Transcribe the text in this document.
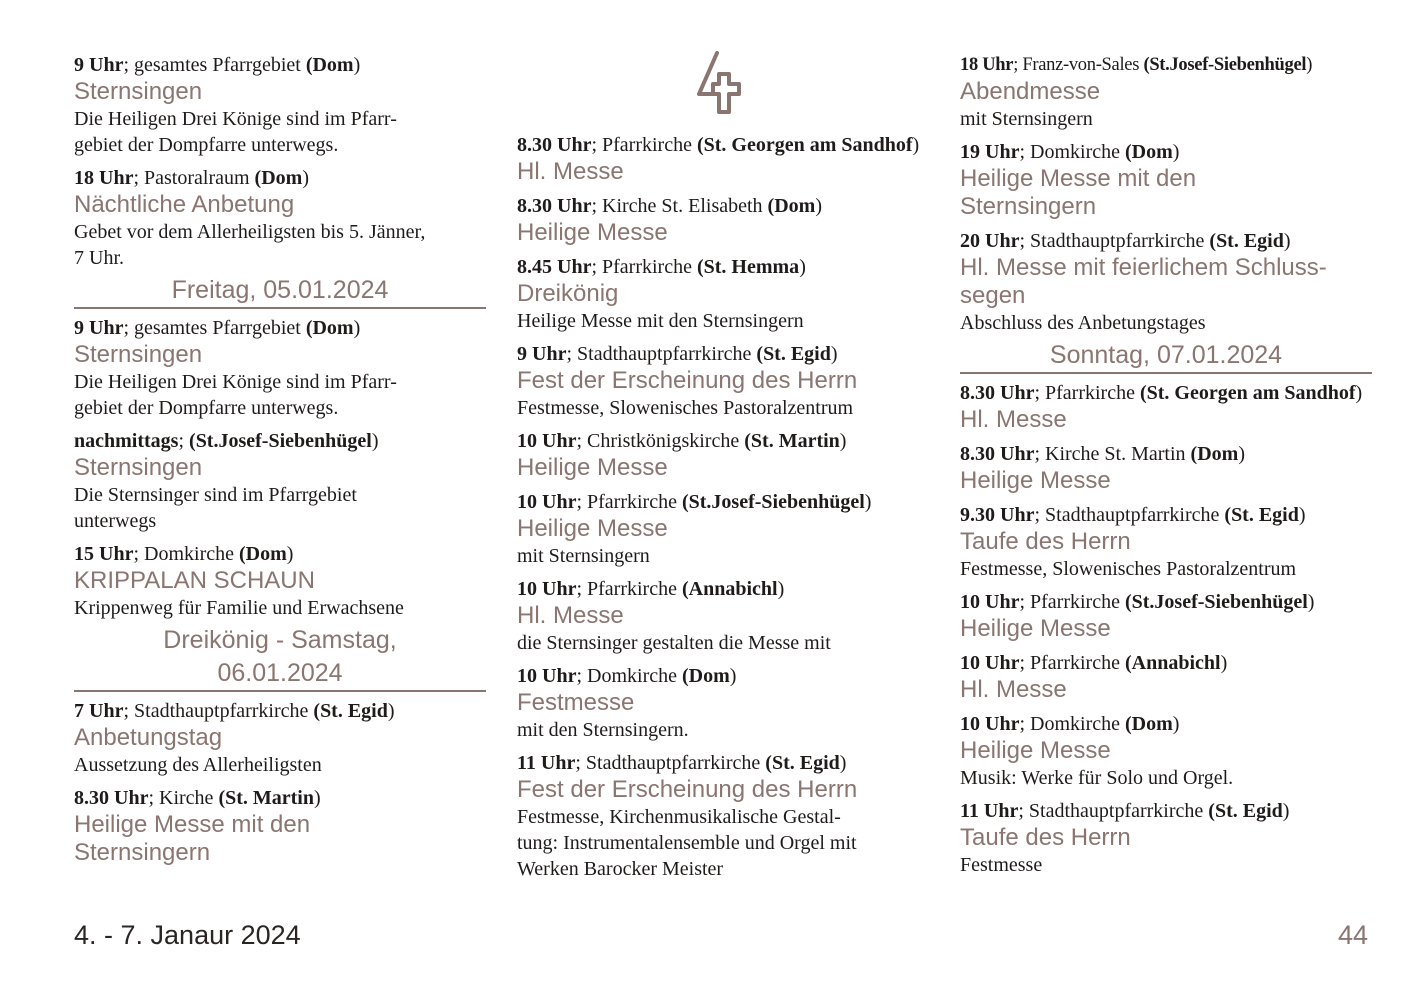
9 Uhr; gesamtes Pfarrgebiet (Dom)
Sternsingen
Die Heiligen Drei Könige sind im Pfarr-
gebiet der Dompfarre unterwegs.
18 Uhr; Pastoralraum (Dom)
Nächtliche Anbetung
Gebet vor dem Allerheiligsten bis 5. Jänner,
7 Uhr.
Freitag, 05.01.2024
9 Uhr; gesamtes Pfarrgebiet (Dom)
Sternsingen
Die Heiligen Drei Könige sind im Pfarr-
gebiet der Dompfarre unterwegs.
nachmittags; (St.Josef-Siebenhügel)
Sternsingen
Die Sternsinger sind im Pfarrgebiet
unterwegs
15 Uhr; Domkirche (Dom)
KRIPPALAN SCHAUN
Krippenweg für Familie und Erwachsene
Dreikönig - Samstag,
06.01.2024
7 Uhr; Stadthauptpfarrkirche (St. Egid)
Anbetungstag
Aussetzung des Allerheiligsten
8.30 Uhr; Kirche (St. Martin)
Heilige Messe mit den
Sternsingern
8.30 Uhr; Pfarrkirche (St. Georgen am Sandhof)
Hl. Messe
8.30 Uhr; Kirche St. Elisabeth (Dom)
Heilige Messe
8.45 Uhr; Pfarrkirche (St. Hemma)
Dreikönig
Heilige Messe mit den Sternsingern
9 Uhr; Stadthauptpfarrkirche (St. Egid)
Fest der Erscheinung des Herrn
Festmesse, Slowenisches Pastoralzentrum
10 Uhr; Christkönigskirche (St. Martin)
Heilige Messe
10 Uhr; Pfarrkirche (St.Josef-Siebenhügel)
Heilige Messe
mit Sternsingern
10 Uhr; Pfarrkirche (Annabichl)
Hl. Messe
die Sternsinger gestalten die Messe mit
10 Uhr; Domkirche (Dom)
Festmesse
mit den Sternsingern.
11 Uhr; Stadthauptpfarrkirche (St. Egid)
Fest der Erscheinung des Herrn
Festmesse, Kirchenmusikalische Gestal-
tung: Instrumentalensemble und Orgel mit
Werken Barocker Meister
18 Uhr; Franz-von-Sales (St.Josef-Siebenhügel)
Abendmesse
mit Sternsingern
19 Uhr; Domkirche (Dom)
Heilige Messe mit den
Sternsingern
20 Uhr; Stadthauptpfarrkirche (St. Egid)
Hl. Messe mit feierlichem Schluss-
segen
Abschluss des Anbetungstages
Sonntag, 07.01.2024
8.30 Uhr; Pfarrkirche (St. Georgen am Sandhof)
Hl. Messe
8.30 Uhr; Kirche St. Martin (Dom)
Heilige Messe
9.30 Uhr; Stadthauptpfarrkirche (St. Egid)
Taufe des Herrn
Festmesse, Slowenisches Pastoralzentrum
10 Uhr; Pfarrkirche (St.Josef-Siebenhügel)
Heilige Messe
10 Uhr; Pfarrkirche (Annabichl)
Hl. Messe
10 Uhr; Domkirche (Dom)
Heilige Messe
Musik: Werke für Solo und Orgel.
11 Uhr; Stadthauptpfarrkirche (St. Egid)
Taufe des Herrn
Festmesse
4. - 7. Janaur 2024	44
